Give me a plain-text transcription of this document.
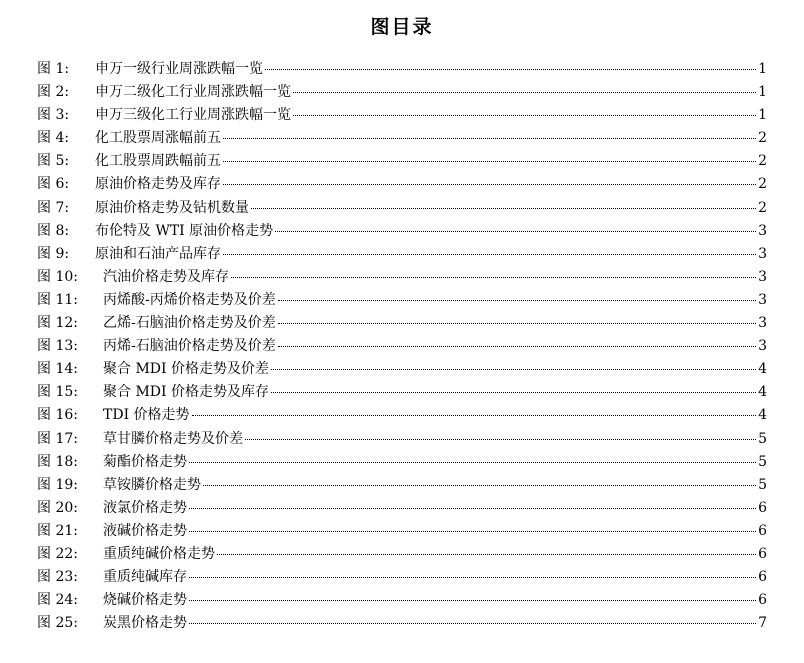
图目录
图 1:	申万一级行业周涨跌幅一览	1
图 2:	申万二级化工行业周涨跌幅一览	1
图 3:	申万三级化工行业周涨跌幅一览	1
图 4:	化工股票周涨幅前五	2
图 5:	化工股票周跌幅前五	2
图 6:	原油价格走势及库存	2
图 7:	原油价格走势及钻机数量	2
图 8:	布伦特及 WTI 原油价格走势	3
图 9:	原油和石油产品库存	3
图 10:	汽油价格走势及库存	3
图 11:	丙烯酸-丙烯价格走势及价差	3
图 12:	乙烯-石脑油价格走势及价差	3
图 13:	丙烯-石脑油价格走势及价差	3
图 14:	聚合 MDI 价格走势及价差	4
图 15:	聚合 MDI 价格走势及库存	4
图 16:	TDI 价格走势	4
图 17:	草甘膦价格走势及价差	5
图 18:	菊酯价格走势	5
图 19:	草铵膦价格走势	5
图 20:	液氯价格走势	6
图 21:	液碱价格走势	6
图 22:	重质纯碱价格走势	6
图 23:	重质纯碱库存	6
图 24:	烧碱价格走势	6
图 25:	炭黑价格走势	7
